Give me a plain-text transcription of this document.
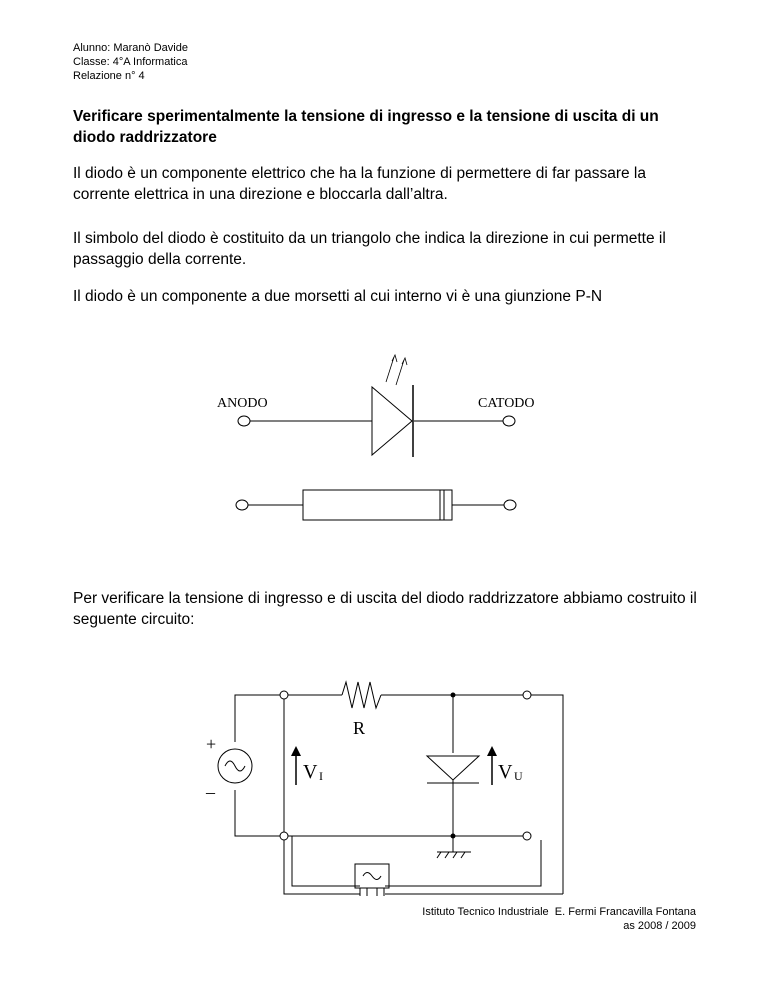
Alunno: Maranò Davide
Classe: 4°A Informatica
Relazione n° 4
Verificare sperimentalmente la tensione di ingresso e la tensione di uscita di un diodo raddrizzatore
Il diodo è un componente elettrico che ha la funzione di permettere di far passare la corrente elettrica in una direzione e bloccarla dall’altra.
Il simbolo del diodo è costituito da un triangolo che indica la direzione in cui permette il passaggio della corrente.
Il diodo è un componente a due morsetti al cui interno vi è una giunzione P-N
ANODO	CATODO
Per verificare la tensione di ingresso e di uscita del diodo raddrizzatore abbiamo costruito il seguente circuito:
R
V I	V U
+
–
Istituto Tecnico Industriale  E. Fermi Francavilla Fontana
as 2008 / 2009
